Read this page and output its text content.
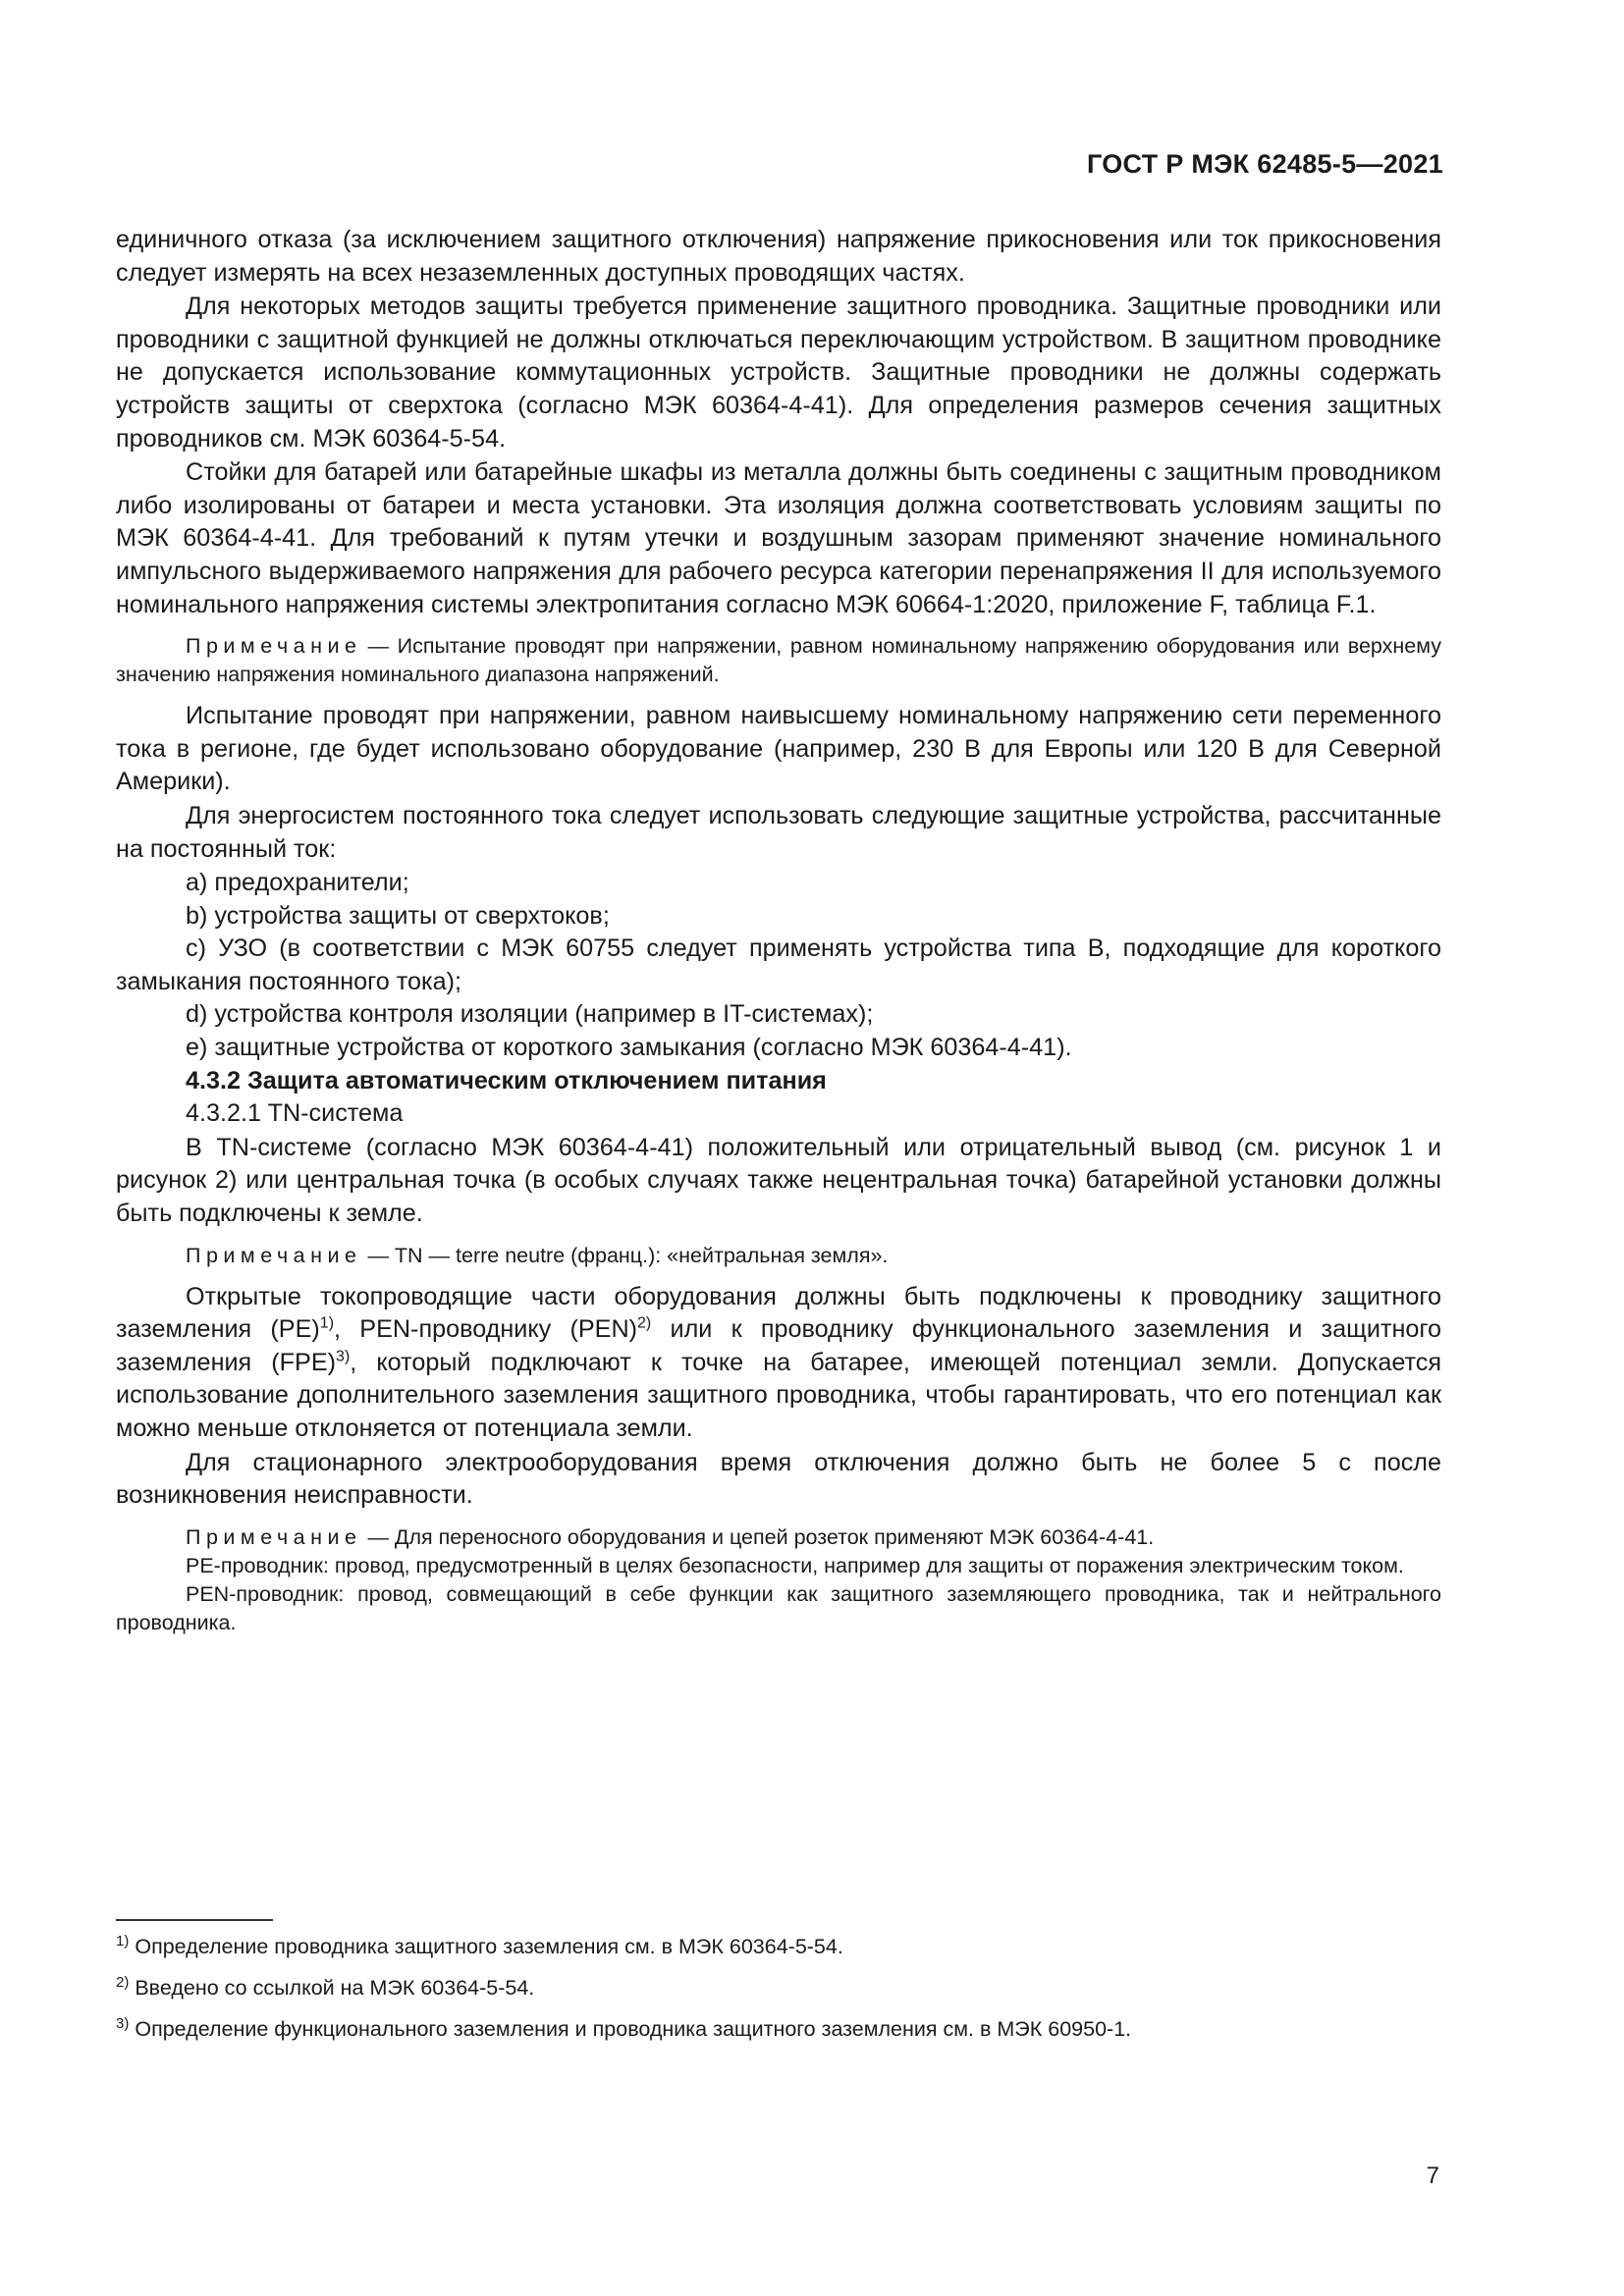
ГОСТ Р МЭК 62485-5—2021

единичного отказа (за исключением защитного отключения) напряжение прикосновения или ток прикосновения следует измерять на всех незаземленных доступных проводящих частях.

Для некоторых методов защиты требуется применение защитного проводника. Защитные проводники или проводники с защитной функцией не должны отключаться переключающим устройством. В защитном проводнике не допускается использование коммутационных устройств. Защитные проводники не должны содержать устройств защиты от сверхтока (согласно МЭК 60364-4-41). Для определения размеров сечения защитных проводников см. МЭК 60364-5-54.

Стойки для батарей или батарейные шкафы из металла должны быть соединены с защитным проводником либо изолированы от батареи и места установки. Эта изоляция должна соответствовать условиям защиты по МЭК 60364-4-41. Для требований к путям утечки и воздушным зазорам применяют значение номинального импульсного выдерживаемого напряжения для рабочего ресурса категории перенапряжения II для используемого номинального напряжения системы электропитания согласно МЭК 60664-1:2020, приложение F, таблица F.1.

Примечание — Испытание проводят при напряжении, равном номинальному напряжению оборудования или верхнему значению напряжения номинального диапазона напряжений.

Испытание проводят при напряжении, равном наивысшему номинальному напряжению сети переменного тока в регионе, где будет использовано оборудование (например, 230 В для Европы или 120 В для Северной Америки).

Для энергосистем постоянного тока следует использовать следующие защитные устройства, рассчитанные на постоянный ток:

a) предохранители;
b) устройства защиты от сверхтоков;
c) УЗО (в соответствии с МЭК 60755 следует применять устройства типа В, подходящие для короткого замыкания постоянного тока);
d) устройства контроля изоляции (например в IT-системах);
e) защитные устройства от короткого замыкания (согласно МЭК 60364-4-41).

4.3.2 Защита автоматическим отключением питания

4.3.2.1 TN-система

В TN-системе (согласно МЭК 60364-4-41) положительный или отрицательный вывод (см. рисунок 1 и рисунок 2) или центральная точка (в особых случаях также нецентральная точка) батарейной установки должны быть подключены к земле.

Примечание — TN — terre neutre (франц.): «нейтральная земля».

Открытые токопроводящие части оборудования должны быть подключены к проводнику защитного заземления (PE)$^{1)}$, PEN-проводнику (PEN)$^{2)}$ или к проводнику функционального заземления и защитного заземления (FPE)$^{3)}$, который подключают к точке на батарее, имеющей потенциал земли. Допускается использование дополнительного заземления защитного проводника, чтобы гарантировать, что его потенциал как можно меньше отклоняется от потенциала земли.

Для стационарного электрооборудования время отключения должно быть не более 5 с после возникновения неисправности.

Примечание — Для переносного оборудования и цепей розеток применяют МЭК 60364-4-41.

PE-проводник: провод, предусмотренный в целях безопасности, например для защиты от поражения электрическим током.

PEN-проводник: провод, совмещающий в себе функции как защитного заземляющего проводника, так и нейтрального проводника.

$^{1)}$ Определение проводника защитного заземления см. в МЭК 60364-5-54.

$^{2)}$ Введено со ссылкой на МЭК 60364-5-54.

$^{3)}$ Определение функционального заземления и проводника защитного заземления см. в МЭК 60950-1.

7
